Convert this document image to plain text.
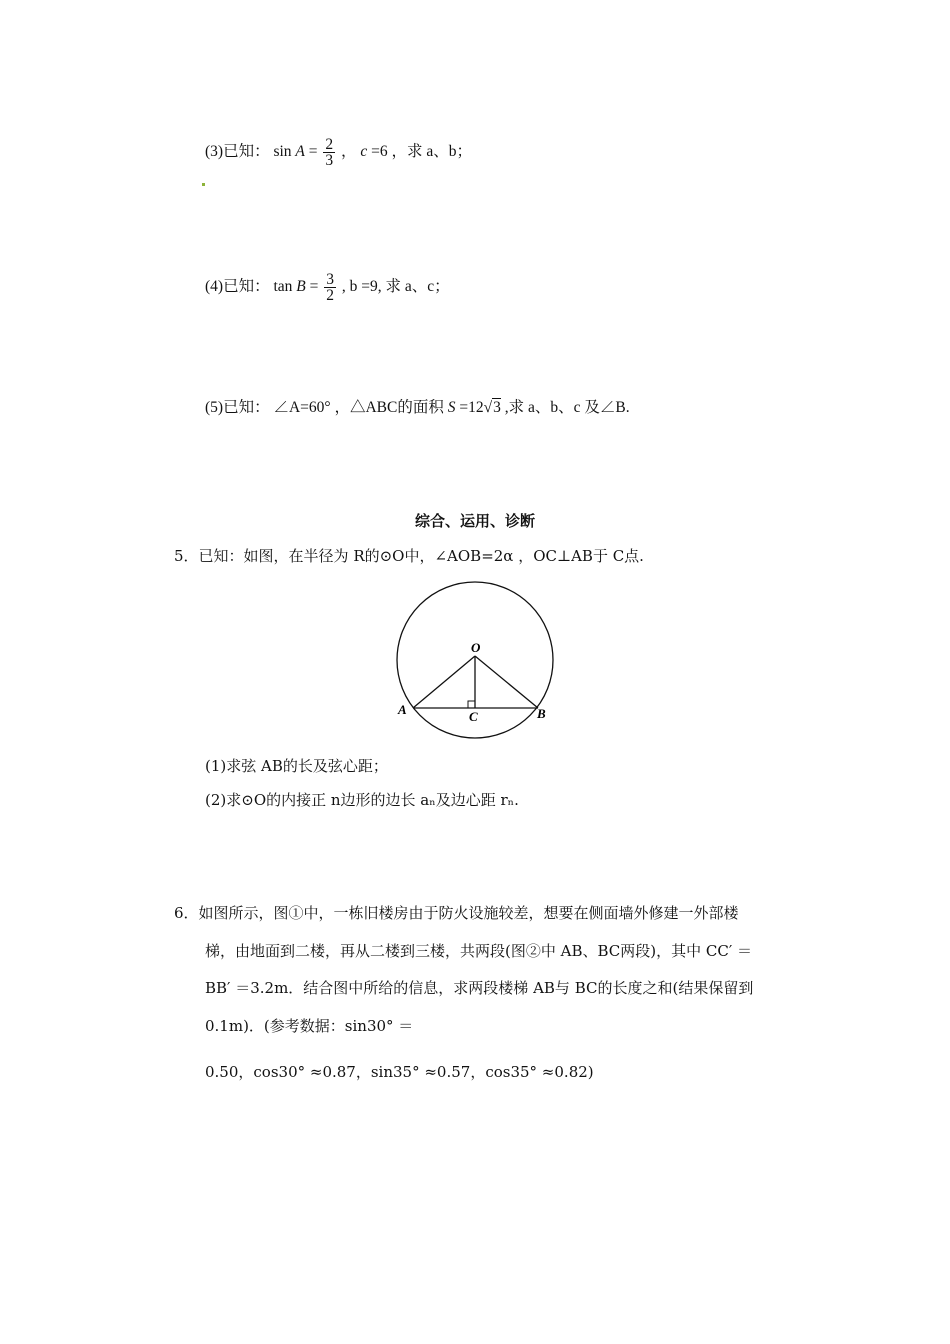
(3)已知： $\sin A = \frac{2}{3}$ ， c =6 ，求 a、b；
(4)已知： $\tan B = \frac{3}{2}$ , b =9, 求 a、c；
(5)已知： ∠A=60° ，△ABC的面积 S =12√3 ,求 a、b、c 及∠B.
综合、运用、诊断
5．已知：如图，在半径为 R的⊙O中，∠AOB=2α ，OC⊥AB于 C点.
O
A	B
C
(1)求弦 AB的长及弦心距；
(2)求⊙O的内接正 n边形的边长 aₙ及边心距 rₙ.
6．如图所示，图①中，一栋旧楼房由于防火设施较差，想要在侧面墙外修建一外部楼
梯，由地面到二楼，再从二楼到三楼，共两段(图②中 AB、BC两段)，其中 CC′ ＝
BB′ ＝3.2m．结合图中所给的信息，求两段楼梯 AB与 BC的长度之和(结果保留到
0.1m)．(参考数据：sin30° ＝
0.50，cos30° ≈0.87，sin35° ≈0.57，cos35° ≈0.82)
